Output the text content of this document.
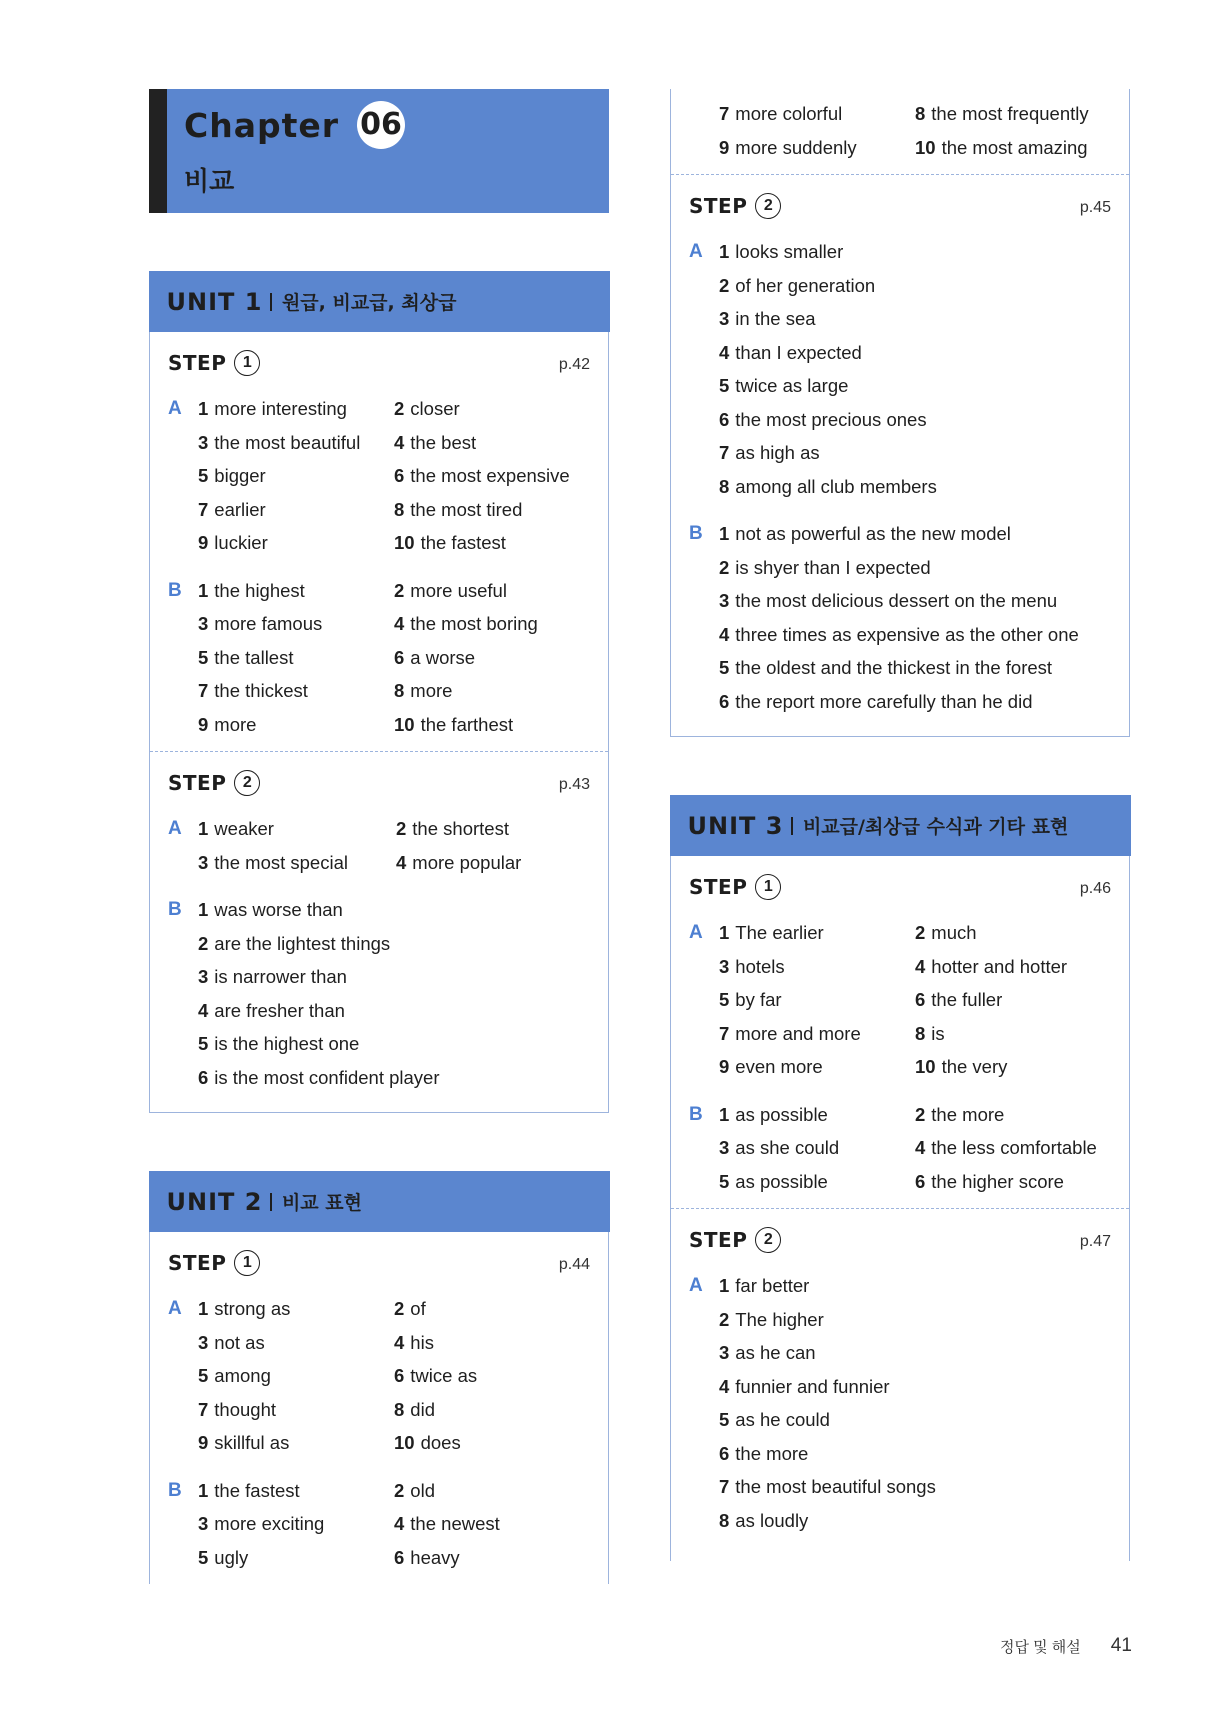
Chapter 06
비교
UNIT 1 원급, 비교급, 최상급
STEP	1	p.42
A 1 more interesting	2 closer
3 the most beautiful	4 the best
5 bigger	6 the most expensive
7 earlier	8 the most tired
9 luckier	10 the fastest
B 1 the highest	2 more useful
3 more famous	4 the most boring
5 the tallest	6 a worse
7 the thickest	8 more
9 more	10 the farthest
STEP	2	p.43
A 1 weaker	2 the shortest
3 the most special	4 more popular
B 1 was worse than
2 are the lightest things
3 is narrower than
4 are fresher than
5 is the highest one
6 is the most confident player
UNIT 2 비교 표현
STEP	1	p.44
A 1 strong as	2 of
3 not as	4 his
5 among	6 twice as
7 thought	8 did
9 skillful as	10 does
B 1 the fastest	2 old
3 more exciting	4 the newest
5 ugly	6 heavy
7 more colorful	8 the most frequently
9 more suddenly	10 the most amazing
STEP	2	p.45
A 1 looks smaller
2 of her generation
3 in the sea
4 than I expected
5 twice as large
6 the most precious ones
7 as high as
8 among all club members
B 1 not as powerful as the new model
2 is shyer than I expected
3 the most delicious dessert on the menu
4 three times as expensive as the other one
5 the oldest and the thickest in the forest
6 the report more carefully than he did
UNIT 3 비교급/최상급 수식과 기타 표현
STEP	1	p.46
A 1 The earlier	2 much
3 hotels	4 hotter and hotter
5 by far	6 the fuller
7 more and more	8 is
9 even more	10 the very
B 1 as possible	2 the more
3 as she could	4 the less comfortable
5 as possible	6 the higher score
STEP	2	p.47
A 1 far better
2 The higher
3 as he can
4 funnier and funnier
5 as he could
6 the more
7 the most beautiful songs
8 as loudly
정답 및 해설 41
